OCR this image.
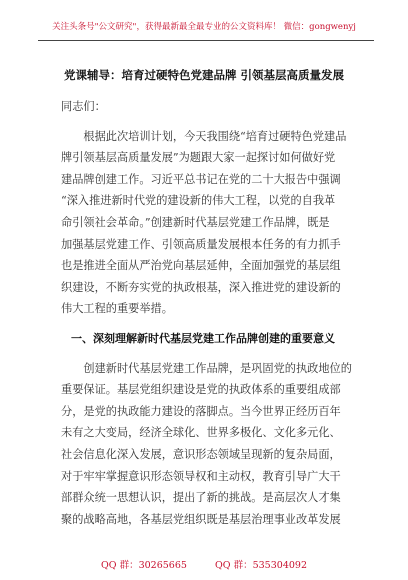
关注头条号"公文研究"，获得最新最全最专业的公文资料库！ 微信：gongwenyj
党课辅导：培育过硬特色党建品牌 引领基层高质量发展

同志们：

　　根据此次培训计划，今天我围绕“培育过硬特色党建品

牌引领基层高质量发展”为题跟大家一起探讨如何做好党

建品牌创建工作。习近平总书记在党的二十大报告中强调

“深入推进新时代党的建设新的伟大工程，以党的自我革

命引领社会革命。”创建新时代基层党建工作品牌，既是

加强基层党建工作、引领高质量发展根本任务的有力抓手

也是推进全面从严治党向基层延伸，全面加强党的基层组

织建设，不断夯实党的执政根基，深入推进党的建设新的

伟大工程的重要举措。

一、深刻理解新时代基层党建工作品牌创建的重要意义

　　创建新时代基层党建工作品牌，是巩固党的执政地位的

重要保证。基层党组织建设是党的执政体系的重要组成部

分，是党的执政能力建设的落脚点。当今世界正经历百年

未有之大变局，经济全球化、世界多极化、文化多元化、

社会信息化深入发展，意识形态领域呈现新的复杂局面，

对于牢牢掌握意识形态领导权和主动权，教育引导广大干

部群众统一思想认识，提出了新的挑战。是高层次人才集

聚的战略高地，各基层党组织既是基层治理事业改革发展

QQ 群：30265665	QQ 群：535304092
